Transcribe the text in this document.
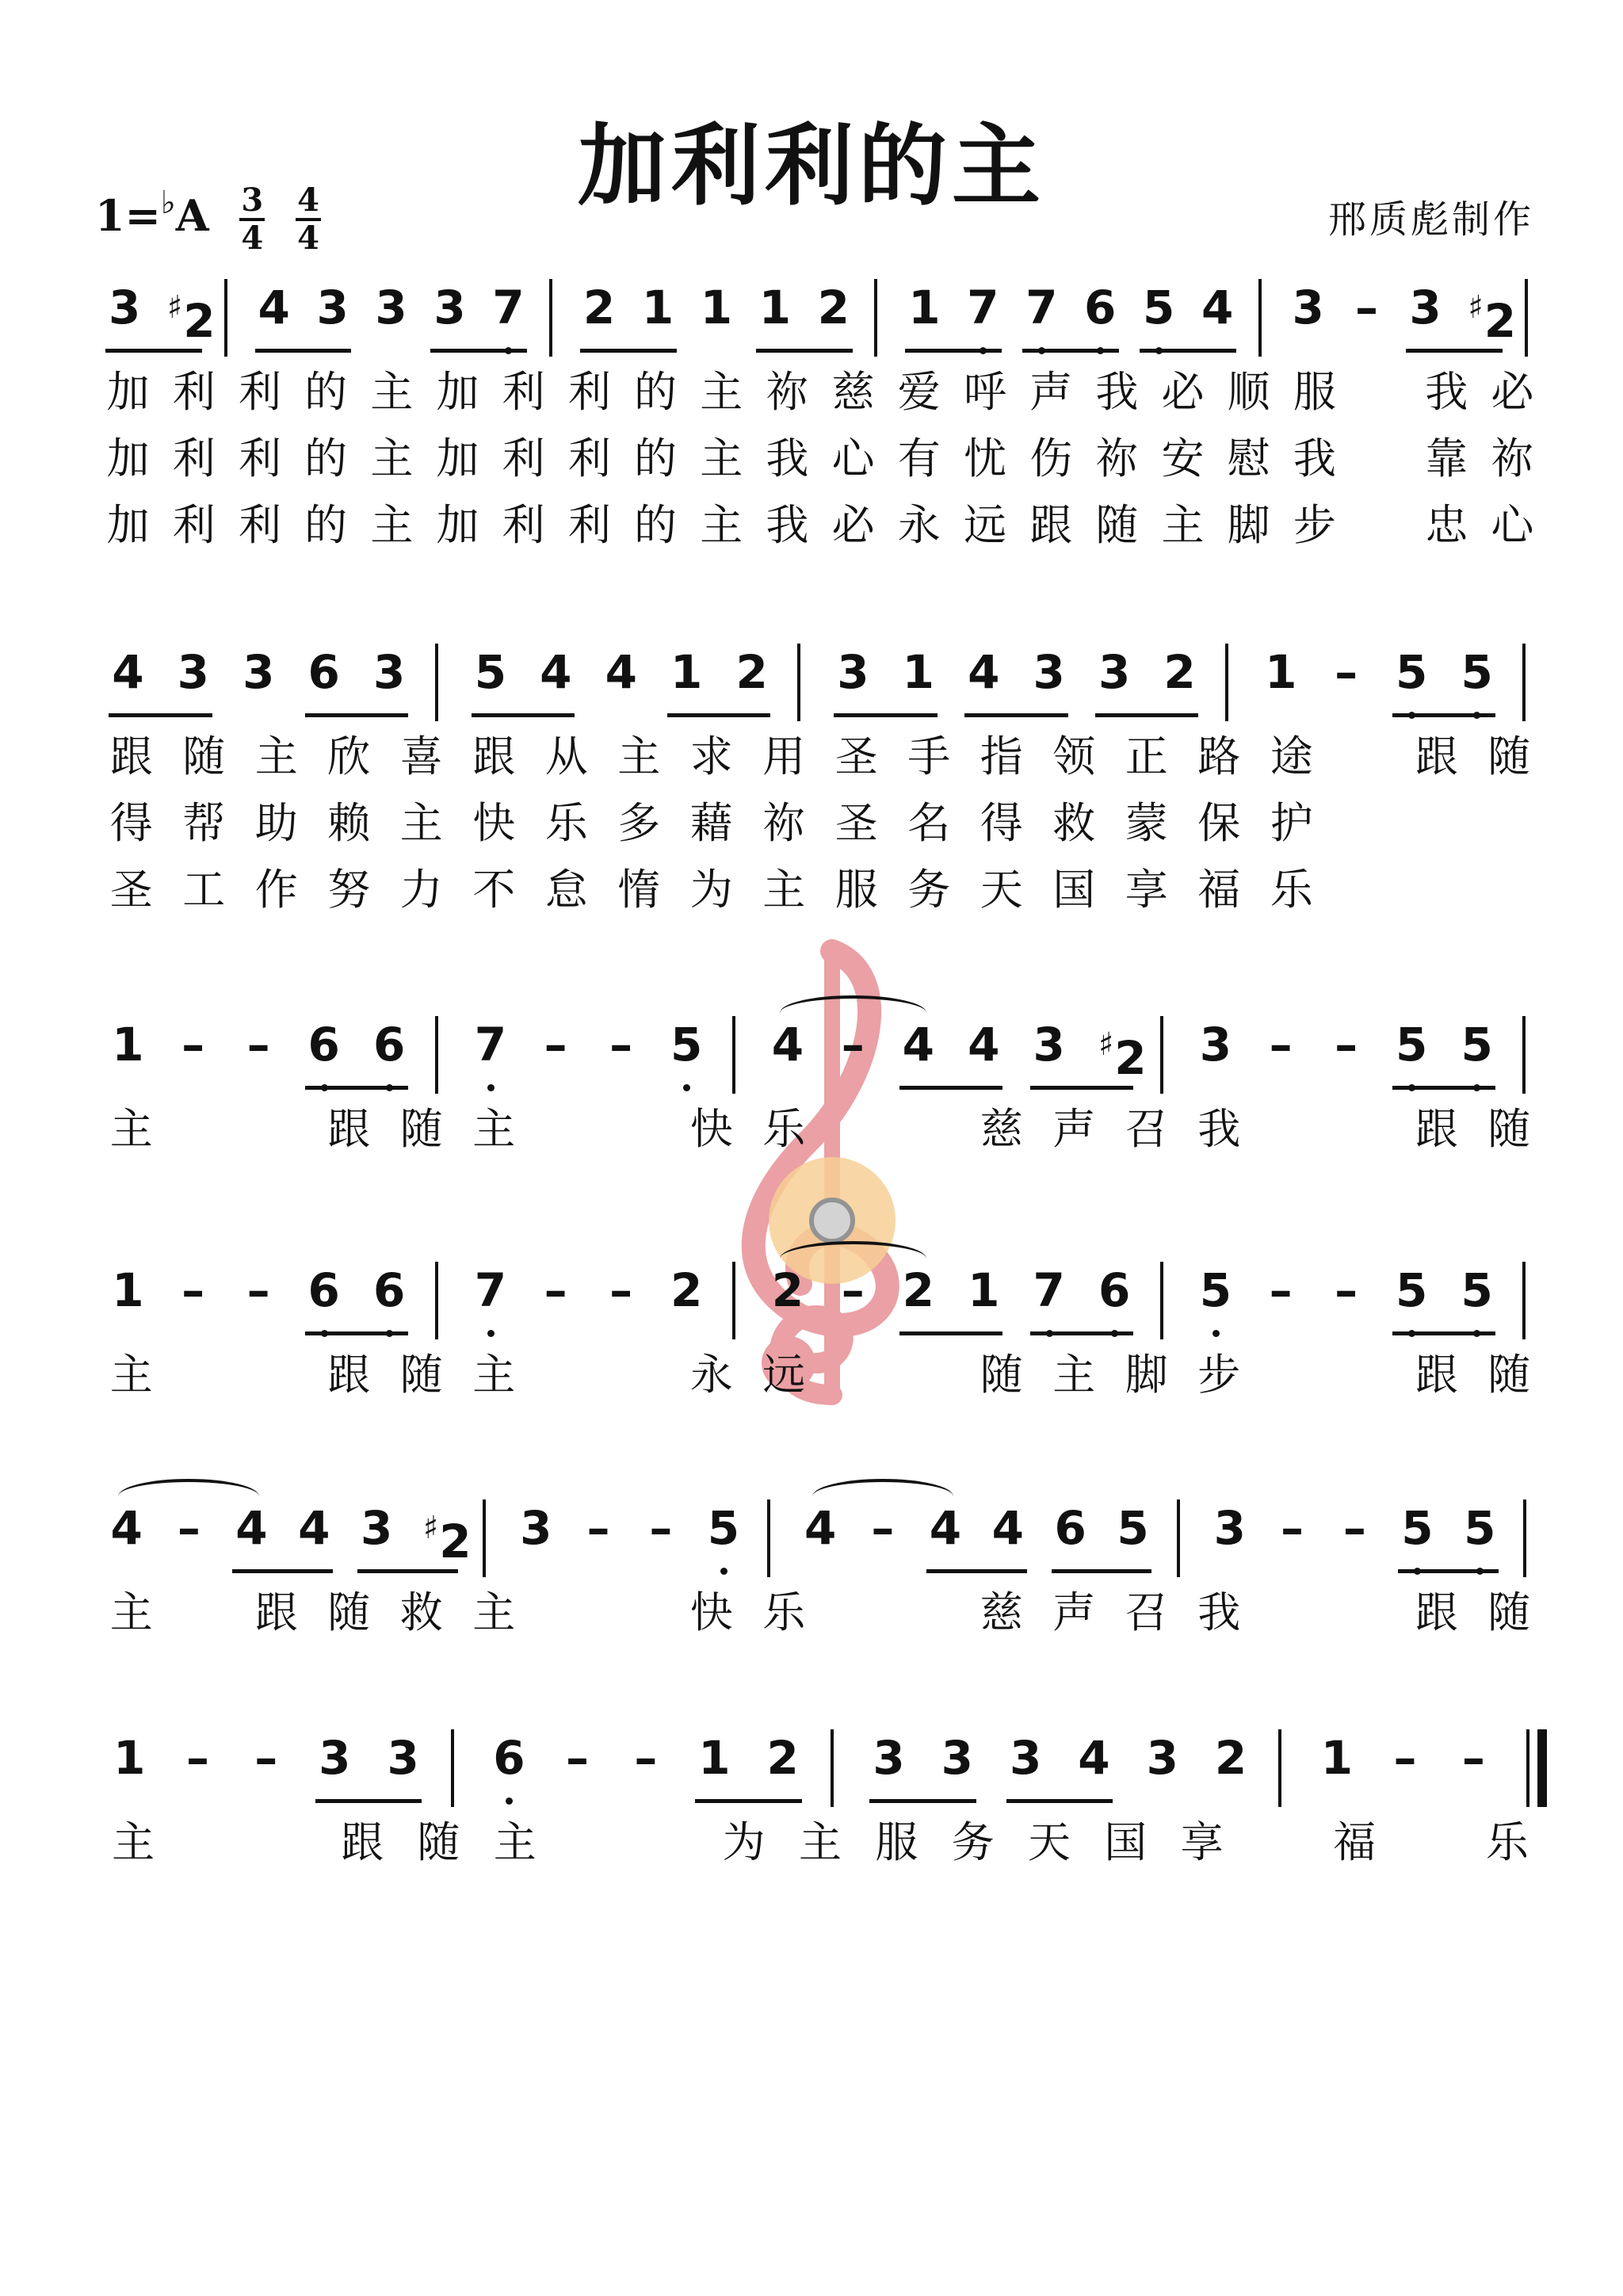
加利利的主
$1=^♭A \frac{3}{4}$
$\frac{4}{4}$	邢质彪制作
3 ♯2 4 3 3 3 7 2 1 1 1 2 1 7 7 6 5 4 3 – 3 ♯2
加 利 利 的 主 加 利 利 的 主 祢 慈 爱 呼 声 我 必 顺 服 我 必
加 利 利 的 主 加 利 利 的 主 我 心 有 忧 伤 祢 安 慰 我 靠 祢
加 利 利 的 主 加 利 利 的 主 我 必 永 远 跟 随 主 脚 步 忠 心
4 3 3 6 3 5 4 4 1 2 3 1 4 3 3 2 1 – 5 5
跟 随 主 欣 喜 跟 从 主 求 用 圣 手 指 领 正 路 途 跟 随
得 帮 助 赖 主 快 乐 多 藉 祢 圣 名 得 救 蒙 保 护
圣 工 作 努 力 不 怠 惰 为 主 服 务 天 国 享 福 乐
1 – – 6 6 7 – – 5 4 – 4 4 3 ♯2 3 – – 5 5
主	跟 随 主	快 乐	慈 声 召 我	跟 随
1 – – 6 6 7 – – 2 2 – 2 1 7 6 5 – – 5 5
主	跟 随 主	永 远	随 主 脚 步	跟 随
4 – 4 4 3 ♯2 3 – – 5 4 – 4 4 6 5 3 – – 5 5
主 跟 随 救 主	快 乐	慈 声 召 我	跟 随
1 – – 3 3 6 – – 1 2 3 3 3 4 3 2 1 – –
主	跟 随 主	为 主 服 务 天 国 享	福	乐
